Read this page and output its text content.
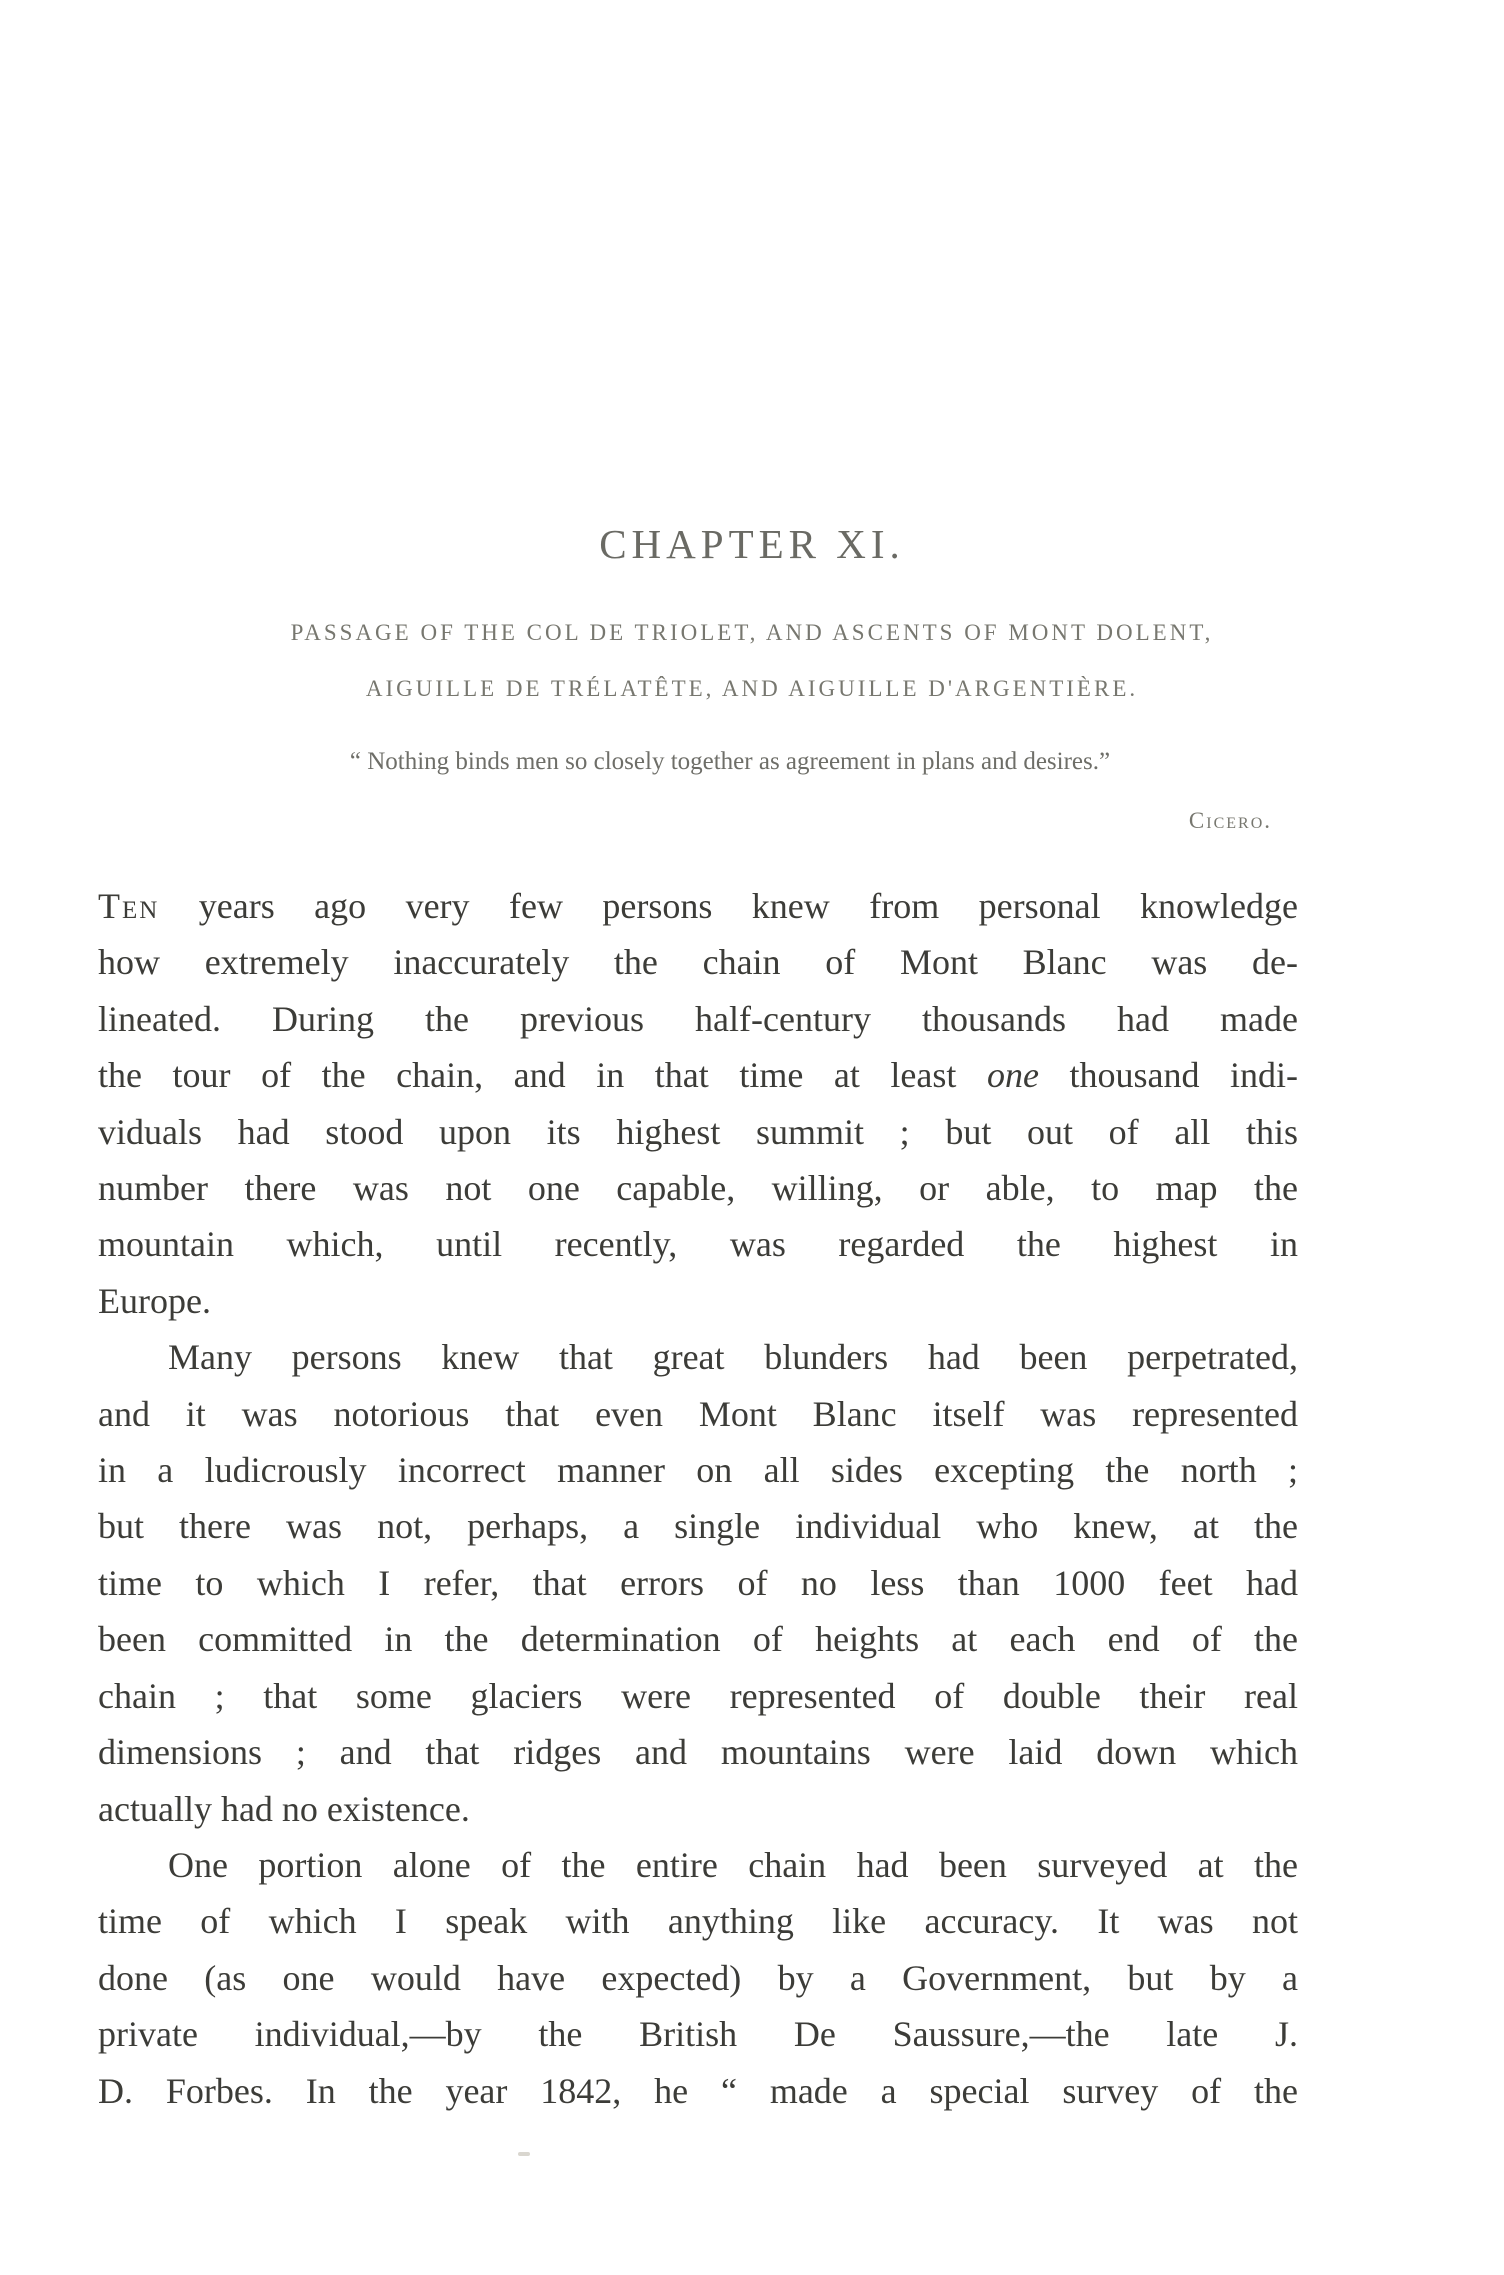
CHAPTER XI.

PASSAGE OF THE COL DE TRIOLET, AND ASCENTS OF MONT DOLENT,

AIGUILLE DE TRÉLATÊTE, AND AIGUILLE D'ARGENTIÈRE.

“ Nothing binds men so closely together as agreement in plans and desires.”

Cicero.

Ten years ago very few persons knew from personal knowledge
how extremely inaccurately the chain of Mont Blanc was de-
lineated. During the previous half-century thousands had made
the tour of the chain, and in that time at least one thousand indi-
viduals had stood upon its highest summit ; but out of all this
number there was not one capable, willing, or able, to map the
mountain which, until recently, was regarded the highest in
Europe.
Many persons knew that great blunders had been perpetrated,
and it was notorious that even Mont Blanc itself was represented
in a ludicrously incorrect manner on all sides excepting the north ;
but there was not, perhaps, a single individual who knew, at the
time to which I refer, that errors of no less than 1000 feet had
been committed in the determination of heights at each end of the
chain ; that some glaciers were represented of double their real
dimensions ; and that ridges and mountains were laid down which
actually had no existence.
One portion alone of the entire chain had been surveyed at the
time of which I speak with anything like accuracy. It was not
done (as one would have expected) by a Government, but by a
private individual,—by the British De Saussure,—the late J.
D. Forbes. In the year 1842, he “ made a special survey of the
